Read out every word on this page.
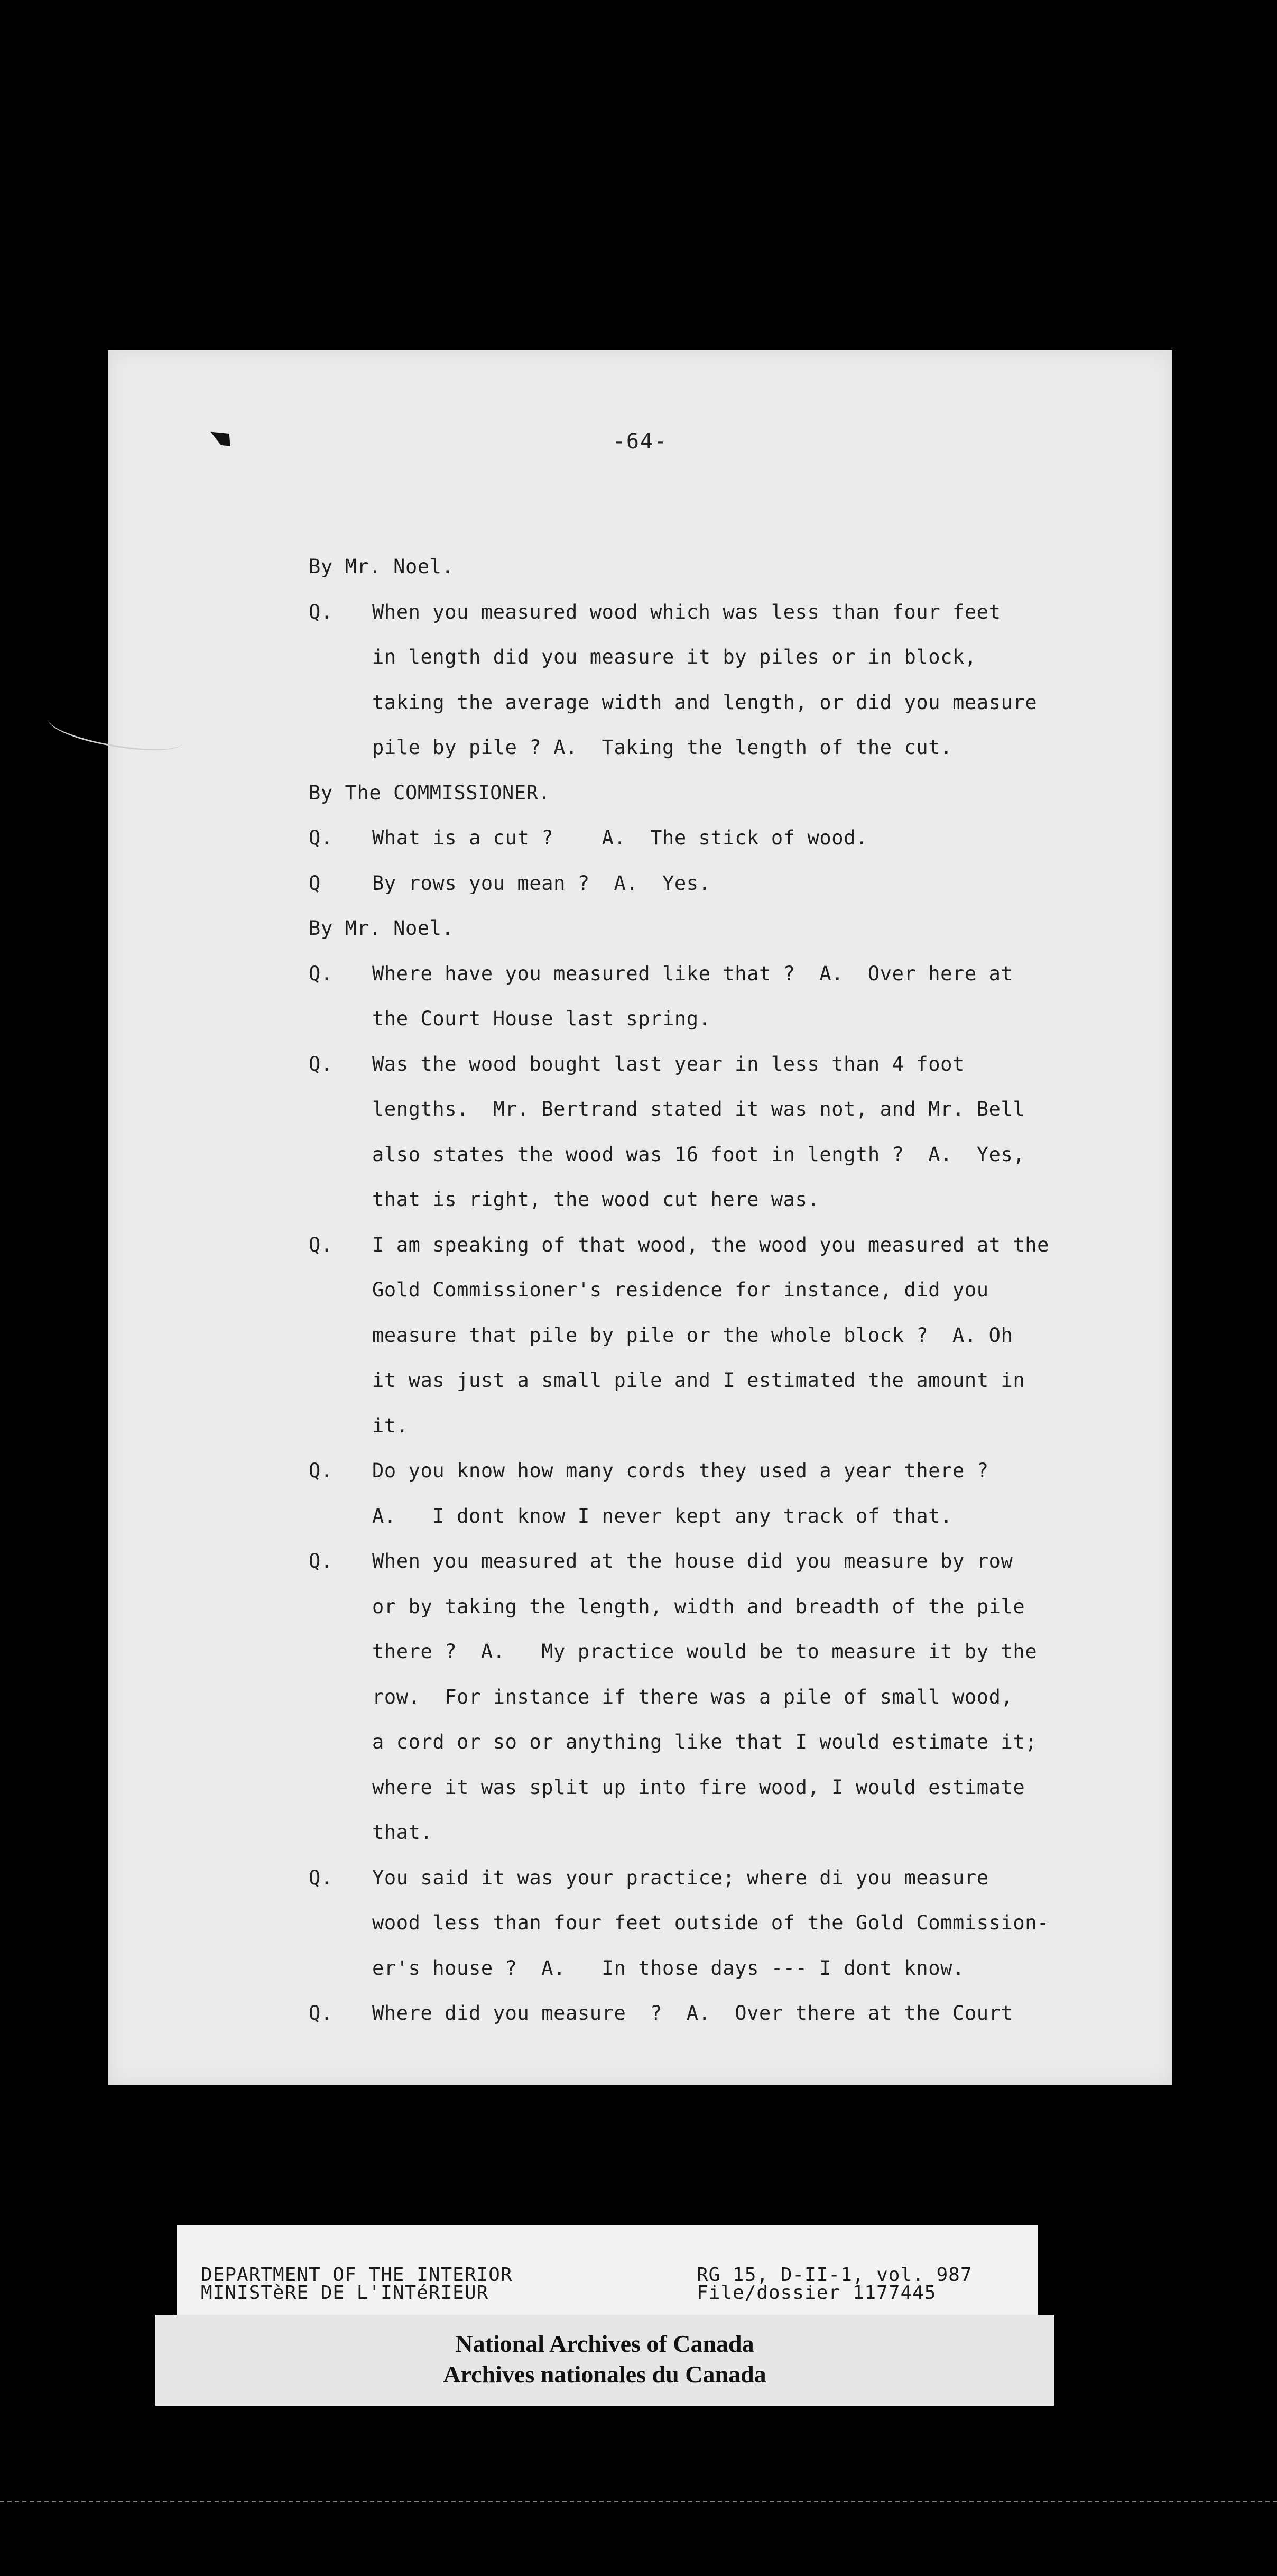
-64-
By Mr. Noel.
Q. When you measured wood which was less than four feet
in length did you measure it by piles or in block,
taking the average width and length, or did you measure
pile by pile ? A.  Taking the length of the cut.
By The COMMISSIONER.
Q. What is a cut ?    A.  The stick of wood.
Q	By rows you mean ?  A.  Yes.
By Mr. Noel.
Q. Where have you measured like that ?  A.  Over here at
the Court House last spring.
Q. Was the wood bought last year in less than 4 foot
lengths.  Mr. Bertrand stated it was not, and Mr. Bell
also states the wood was 16 foot in length ?  A.  Yes,
that is right, the wood cut here was.
Q. I am speaking of that wood, the wood you measured at the
Gold Commissioner's residence for instance, did you
measure that pile by pile or the whole block ?  A. Oh
it was just a small pile and I estimated the amount in
it.
Q. Do you know how many cords they used a year there ?
A.   I dont know I never kept any track of that.
Q. When you measured at the house did you measure by row
or by taking the length, width and breadth of the pile
there ?  A.   My practice would be to measure it by the
row.  For instance if there was a pile of small wood,
a cord or so or anything like that I would estimate it;
where it was split up into fire wood, I would estimate
that.
Q. You said it was your practice; where di you measure
wood less than four feet outside of the Gold Commission-
er's house ?  A.   In those days --- I dont know.
Q. Where did you measure  ?  A.  Over there at the Court
DEPARTMENT OF THE INTERIOR
MINISTèRE DE L'INTéRIEUR
RG 15, D-II-1, vol. 987
File/dossier 1177445
National Archives of Canada
Archives nationales du Canada
